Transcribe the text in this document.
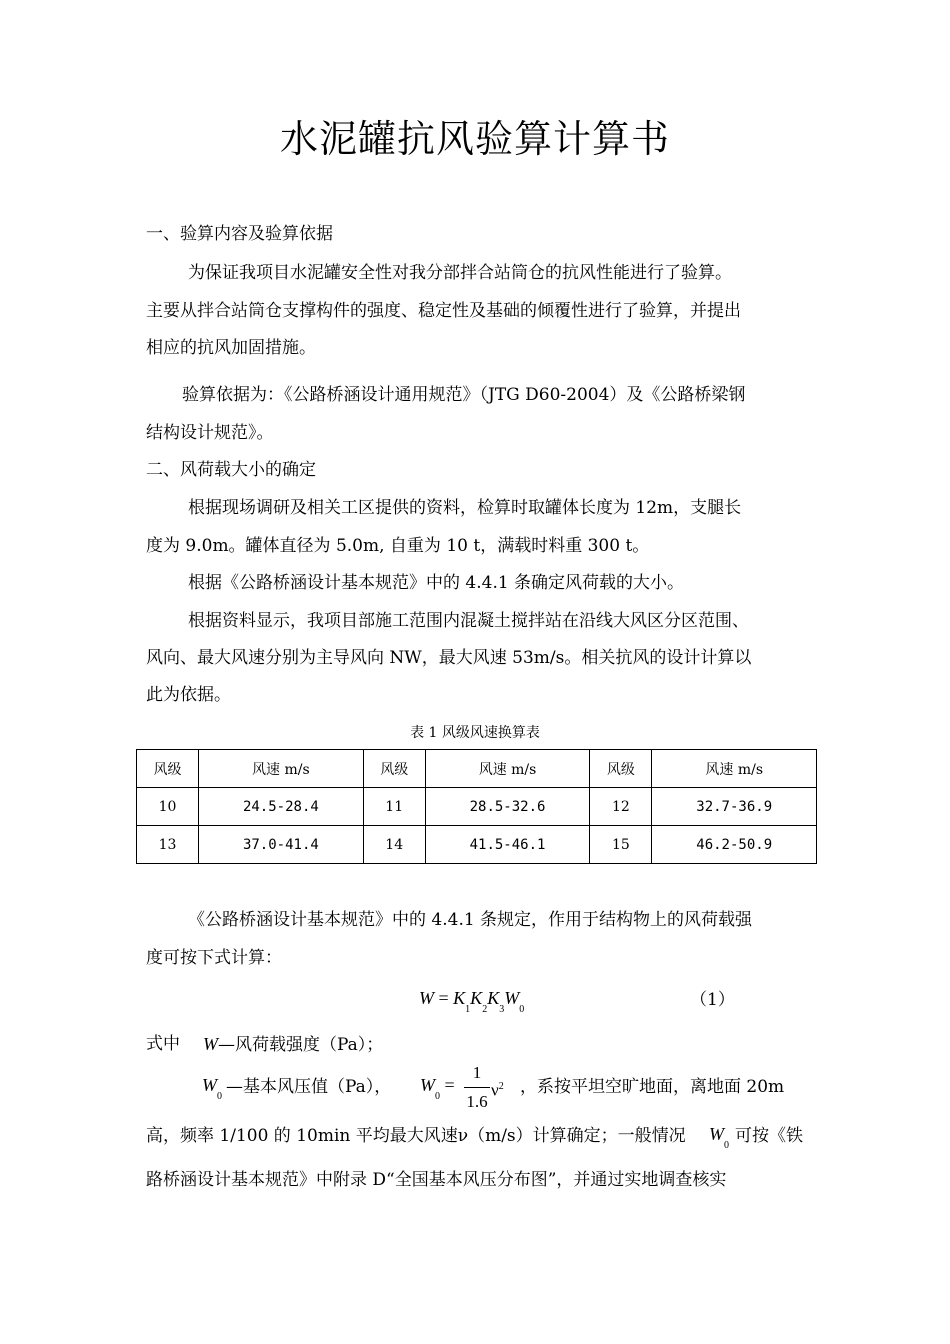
水泥罐抗风验算计算书
一、验算内容及验算依据
为保证我项目水泥罐安全性对我分部拌合站筒仓的抗风性能进行了验算。
主要从拌合站筒仓支撑构件的强度、稳定性及基础的倾覆性进行了验算，并提出
相应的抗风加固措施。
验算依据为：《公路桥涵设计通用规范》（JTG D60-2004）及《公路桥梁钢
结构设计规范》。
二、风荷载大小的确定
根据现场调研及相关工区提供的资料，检算时取罐体长度为 12m，支腿长
度为 9.0m。罐体直径为 5.0m, 自重为 10 t，满载时料重 300 t。
根据《公路桥涵设计基本规范》中的 4.4.1 条确定风荷载的大小。
根据资料显示，我项目部施工范围内混凝土搅拌站在沿线大风区分区范围、
风向、最大风速分别为主导风向 NW，最大风速 53m/s。相关抗风的设计计算以
此为依据。
表 1 风级风速换算表
风级	风速 m/s	风级	风速 m/s	风级	风速 m/s
10	24.5-28.4	11	28.5-32.6	12	32.7-36.9
13	37.0-41.4	14	41.5-46.1	15	46.2-50.9
《公路桥涵设计基本规范》中的 4.4.1 条规定，作用于结构物上的风荷载强
度可按下式计算：
$W = K_1K_2K_3W_0$	（1）
式中 W—风荷载强度（Pa）；
$W_0$ —基本风压值（Pa）， $W_0$ =
1
1.6
$\nu^2$ ，系按平坦空旷地面，离地面 20m
高，频率 1/100 的 10min 平均最大风速ν（m/s）计算确定；一般情况 $W_0$ 可按《铁
路桥涵设计基本规范》中附录 D“全国基本风压分布图”，并通过实地调查核实
